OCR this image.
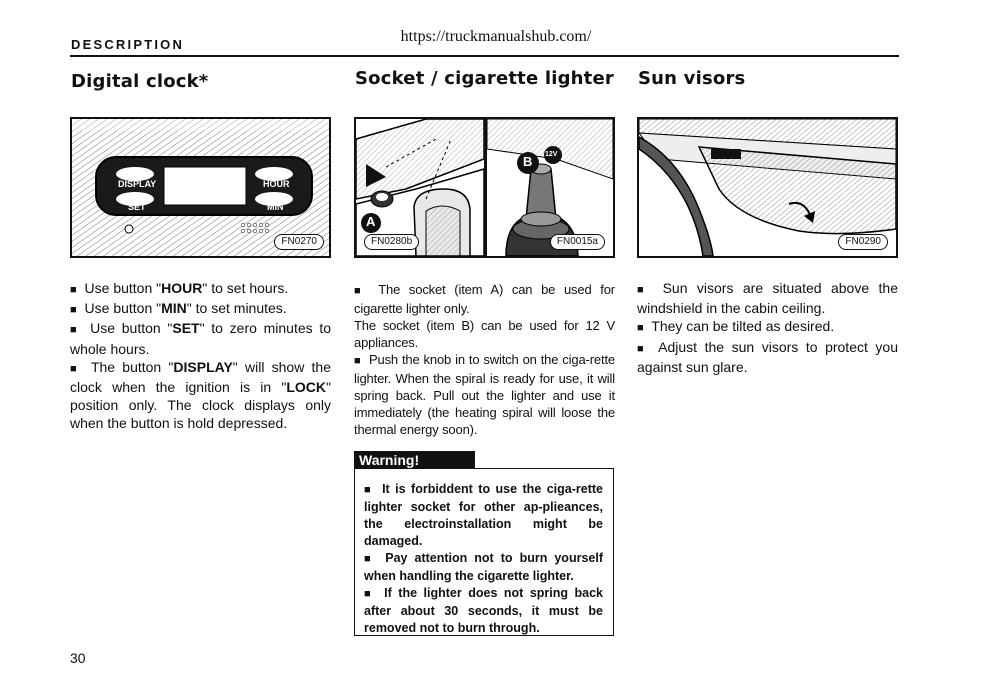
https://truckmanualshub.com/
DESCRIPTION
Digital clock*	Socket / cigarette lighter Sun visors
DISPLAY
SET
HOUR
MIN
FN0270
A
B 12V
FN0280b	FN0015a	FN0290

■ Use button "HOUR" to set hours.

■ Use button "MIN" to set minutes.

■ Use button "SET" to zero minutes to whole hours.

■ The button "DISPLAY" will show the clock when the ignition is in "LOCK" position only. The clock displays only when the button is hold depressed.

■ The socket (item A) can be used for cigarette lighter only.

The socket (item B) can be used for 12 V appliances.

■ Push the knob in to switch on the ciga-rette lighter. When the spiral is ready for use, it will spring back. Pull out the lighter and use it immediately (the heating spiral will loose the thermal energy soon).

Warning!

■ It is forbiddent to use the ciga-rette lighter socket for other ap-plieances, the electroinstallation might be damaged.

■ Pay attention not to burn yourself when handling the cigarette lighter.

■ If the lighter does not spring back after about 30 seconds, it must be removed not to burn through.

■ Sun visors are situated above the windshield in the cabin ceiling.

■ They can be tilted as desired.

■ Adjust the sun visors to protect you against sun glare.

30
